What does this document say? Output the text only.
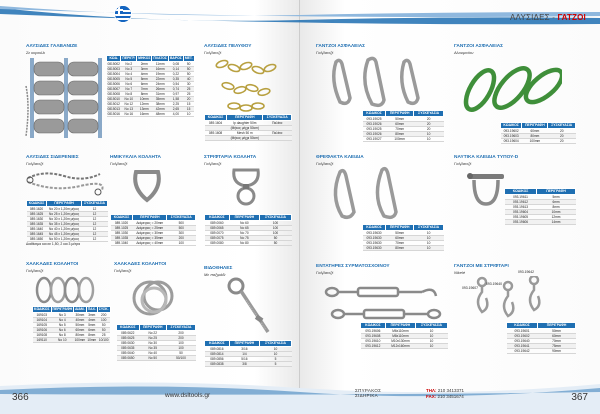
ΑΛΥΣΙΔΕΣ - ΓΑΤΖΟΙ
ΑΛΥΣΙΔΕΣ ΓΑΛΒΑΝΙΖΕ
Σε καρούλι
ΚΩΔ.	ΠΕΡΙΓΡ.	ΜΗΚΟΣ	ΠΛΑΤΟΣ	ΒΑΡΟΣ	ΜΕΤ.
0815002	Νο 2	2mm	11mm	0,08	50
0815003	Νο 3	3mm	16mm	0,14	50
0815004	Νο 4	4mm	19mm	0,22	50
0815005	Νο 5	5mm	22mm	0,35	40
0815006	Νο 6	6mm	24mm	0,54	30
0815007	Νο 7	7mm	26mm	0,74	25
0815008	Νο 8	8mm	31mm	0,97	25
0815010	Νο 10	10mm	35mm	1,58	20
0815012	Νο 12	12mm	38mm	2,25	15
0815013	Νο 13	13mm	42mm	2,65	15
0815016	Νο 16	16mm	48mm	4,00	10
ΑΛΥΣΙΔΕΣ ΣΙΔΕΡΕΝΙΕΣ
Γαλβανιζέ
ΚΩΔΙΚΟΣ	ΠΕΡΙΓΡΑΦΗ	ΣΥΣΚΕΥΑΣΙΑ
089.1620	Νο 20 x 1,20m μήκος	12
089.1625	Νο 25 x 1,20m μήκος	12
089.1630	Νο 30 x 1,20m μήκος	12
089.1635	Νο 35 x 1,20m μήκος	12
089.1640	Νο 40 x 1,20m μήκος	12
089.1645	Νο 45 x 1,20m μήκος	12
089.1650	Νο 50 x 1,20m μήκος	12
Διαθέσιμα και σε 1,50, 2 και 3 μέτρα
ΧΑΛΚΑΔΕΣ ΚΟΛΛΗΤΟΙ
Γαλβανιζέ
ΚΩΔΙΚΟΣ	ΠΕΡΙΓΡΑΦΗ	ΔΙΑΜ.	ΠΑΧ.	ΣΥΣΚ.
169103	Νο 3	30mm	3mm	200
169104	Νο 4	40mm	4mm	100
169105	Νο 5	50mm	5mm	50
169106	Νο 6	60mm	6mm	50
169108	Νο 8	80mm	8mm	25
169110	Νο 10	100mm	10mm	10/100
ΗΜΙΚΥΚΛΙΑ ΚΟΛΛΗΤΑ
Γαλβανιζέ
ΚΩΔΙΚΟΣ	ΠΕΡΙΓΡΑΦΗ	ΣΥΣΚΕΥΑΣΙΑ
089.1020	Διάμετρος = 20mm	500
089.1025	Διάμετρος = 25mm	500
089.1030	Διάμετρος = 30mm	300
089.1035	Διάμετρος = 35mm	200
089.1040	Διάμετρος = 40mm	100
ΧΑΛΚΑΔΕΣ ΚΟΛΛΗΤΟΙ
Γαλβανιζέ
ΚΩΔΙΚΟΣ	ΠΕΡΙΓΡΑΦΗ	ΣΥΣΚΕΥΑΣΙΑ
089.0622	Νο 22	200
089.0625	Νο 25	200
089.0630	Νο 30	100
089.0635	Νο 35	100
089.0640	Νο 40	50
089.0650	Νο 50	50/100
ΑΛΥΣΙΔΕΣ ΠΕΛΥΘΟΥ
Γαλβανιζέ
ΚΩΔΙΚΟΣ	ΠΕΡΙΓΡΑΦΗ	ΣΥΣΚΕΥΑΣΙΑ
089.1604	Ip daughter 50m	Παλέτα
	(Μήκος μέχρι 50cm)	
089.1608	Mesh 50 m	Παλέτα
	(Μήκος μέχρι 50cm)	
ΣΤΡΙΦΤΑΡΙΑ ΚΟΛΛΗΤΑ
Γαλβανιζέ
ΚΩΔΙΚΟΣ	ΠΕΡΙΓΡΑΦΗ	ΣΥΣΚΕΥΑΣΙΑ
089.0060	Νο 60	100
089.0065	Νο 65	100
089.0070	Νο 70	100
089.0075	Νο 75	50
089.0080	Νο 80	50
ΒΙΔΟΘΗΛΕΣ
Με παξιμάδι
ΚΩΔΙΚΟΣ	ΠΕΡΙΓΡΑΦΗ	ΣΥΣΚΕΥΑΣΙΑ
089.0816	3/16	10
089.0814	1/4	10
089.0856	5/16	5
089.0838	3/8	5
ΓΑΝΤΖΟΙ ΑΣΦΑΛΕΙΑΣ
Γαλβανιζέ
ΚΩΔΙΚΟΣ	ΠΕΡΙΓΡΑΦΗ	ΣΥΣΚΕΥΑΣΙΑ
093.19025	50mm	20
093.19026	60mm	20
093.19025	70mm	20
093.19026	80mm	10
093.19027	100mm	10
ΓΑΝΤΖΟΙ ΑΣΦΑΛΕΙΑΣ
Αλουμινίου
ΚΩΔΙΚΟΣ	ΠΕΡΙΓΡΑΦΗ	ΣΥΣΚΕΥΑΣΙΑ
093.19602	60mm	20
093.19603	80mm	20
093.19604	100mm	20
ΘΡΕΦΑΚΤΑ ΚΛΕΙΔΙΑ
Γαλβανιζέ
ΚΩΔΙΚΟΣ	ΠΕΡΙΓΡΑΦΗ	ΣΥΣΚΕΥΑΣΙΑ
093.19630	50mm	10
093.19630	60mm	10
093.19630	70mm	10
093.19630	80mm	10
ΝΑΥΤΙΚΑ ΚΛΕΙΔΙΑ ΤΥΠΟΥ-D
Γαλβανιζέ
ΚΩΔΙΚΟΣ	ΠΕΡΙΓΡΑΦΗ
093.19611	5mm
093.19612	6mm
093.19613	8mm
093.19604	10mm
093.19605	12mm
093.19606	14mm
ΕΝΤΑΤΗΡΕΣ ΣΥΡΜΑΤΟΣΧΟΙΝΟΥ
Γαλβανιζέ
ΚΩΔΙΚΟΣ	ΠΕΡΙΓΡΑΦΗ	ΣΥΣΚΕΥΑΣΙΑ
093.19606	M6x110mm	10
093.19608	M8x110mm	10
093.19610	M10x130mm	10
093.19612	M12x160mm	10
ΓΑΝΤΖΟΙ ΜΕ ΣΤΡΙΦΤΑΡΙ
Nikelé
093.19607
093.19640
093.19642
ΚΩΔΙΚΟΣ	ΠΕΡΙΓΡΑΦΗ
093.19601	50mm
093.19602	60mm
093.19640	70mm
093.19641	75mm
093.19642	90mm
366	367
www.dsltools.gr
ΣΠΥΡΑΚΟΣ
ΣΙΔΗΡΙΚΑ
ΤΗΛ: 210 3413371
FAX: 210 3451674
